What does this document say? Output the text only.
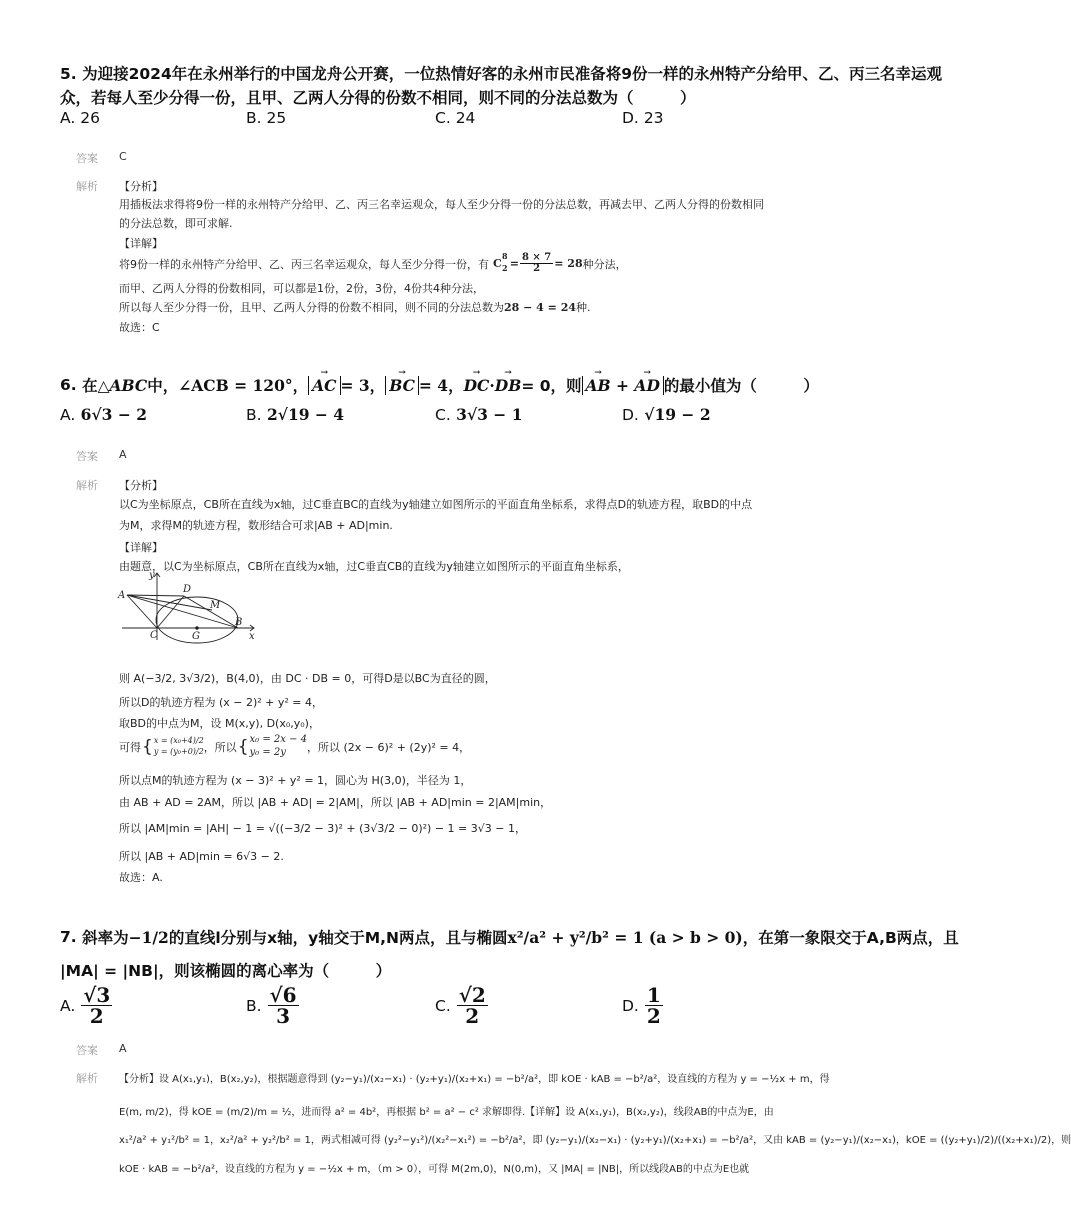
5. 为迎接2024年在永州举行的中国龙舟公开赛，一位热情好客的永州市民准备将9份一样的永州特产分给甲、乙、丙三名幸运观
众，若每人至少分得一份，且甲、乙两人分得的份数不相同，则不同的分法总数为（　　　）
A. 26	B. 25	C. 24	D. 23
答案 C
解析 【分析】
用插板法求得将9份一样的永州特产分给甲、乙、丙三名幸运观众，每人至少分得一份的分法总数，再减去甲、乙两人分得的份数相同
的分法总数，即可求解.
【详解】
将9份一样的永州特产分给甲、乙、丙三名幸运观众，每人至少分得一份，有 C
8
$2 = \frac{8 \times 7}{2} = 28$ 种分法，
而甲、乙两人分得的份数相同，可以都是1份，2份，3份，4份共4种分法，
所以每人至少分得一份，且甲、乙两人分得的份数不相同，则不同的分法总数为28 − 4 = 24种.
故选：C
6.
在△ ABC 中， ∠ACB = 120°，
→
AC = 3，
→
BC = 4，
→
DC ·
→
DB = 0，则
→
AB +
→
AD 的最小值为（　　　）
A. 6√3 − 2	B. 2√19 − 4	C. 3√3 − 1	D. √19 − 2
答案 A
解析 【分析】
以C为坐标原点，CB所在直线为x轴，过C垂直BC的直线为y轴建立如图所示的平面直角坐标系，求得点D的轨迹方程，取BD的中点
为M，求得M的轨迹方程，数形结合可求|AB + AD|min.
【详解】
由题意，以C为坐标原点，CB所在直线为x轴，过C垂直CB的直线为y轴建立如图所示的平面直角坐标系，
y
x
A
D
M
B
C	G
则 A(−3/2, 3√3/2)，B(4,0)，由 DC · DB = 0，可得D是以BC为直径的圆，
所以D的轨迹方程为 (x − 2)² + y² = 4，
取BD的中点为M，设 M(x,y), D(x₀,y₀)，
可得 { x = (x₀+4)/2
y = (y₀+0)/2 ，所以 { x₀ = 2x − 4
y₀ = 2y	，所以 (2x − 6)² + (2y)² = 4，
所以点M的轨迹方程为 (x − 3)² + y² = 1，圆心为 H(3,0)，半径为 1，
由 AB + AD = 2AM，所以 |AB + AD| = 2|AM|，所以 |AB + AD|min = 2|AM|min，
所以 |AM|min = |AH| − 1 = √((−3/2 − 3)² + (3√3/2 − 0)²) − 1 = 3√3 − 1，
所以 |AB + AD|min = 6√3 − 2.
故选：A.
7.
斜率为 −1/2 的直线l分别与x轴，y轴交于M,N两点，且与椭圆 x²/a² + y²/b² = 1 (a > b > 0) ，在第一象限交于A,B两点，且
|MA| = |NB|，则该椭圆的离心率为（　　　）
A.
$\frac{√3}{2}$	B.
$\frac{√6}{3}$	C.
$\frac{√2}{2}$	D.
$\frac{1}{2}$
答案 A
解析 【分析】设 A(x₁,y₁)，B(x₂,y₂)，根据题意得到 (y₂−y₁)/(x₂−x₁) · (y₂+y₁)/(x₂+x₁) = −b²/a²，即 kOE · kAB = −b²/a²，设直线的方程为 y = −½x + m，得
E(m, m/2)，得 kOE = (m/2)/m = ½，进而得 a² = 4b²，再根据 b² = a² − c² 求解即得.【详解】设 A(x₁,y₁)，B(x₂,y₂)，线段AB的中点为E，由
x₁²/a² + y₁²/b² = 1，x₂²/a² + y₂²/b² = 1，两式相减可得 (y₂²−y₁²)/(x₂²−x₁²) = −b²/a²，即 (y₂−y₁)/(x₂−x₁) · (y₂+y₁)/(x₂+x₁) = −b²/a²，又由 kAB = (y₂−y₁)/(x₂−x₁)，kOE = ((y₂+y₁)/2)/((x₂+x₁)/2)，则
kOE · kAB = −b²/a²，设直线的方程为 y = −½x + m，（m > 0），可得 M(2m,0)，N(0,m)，又 |MA| = |NB|，所以线段AB的中点为E也就
